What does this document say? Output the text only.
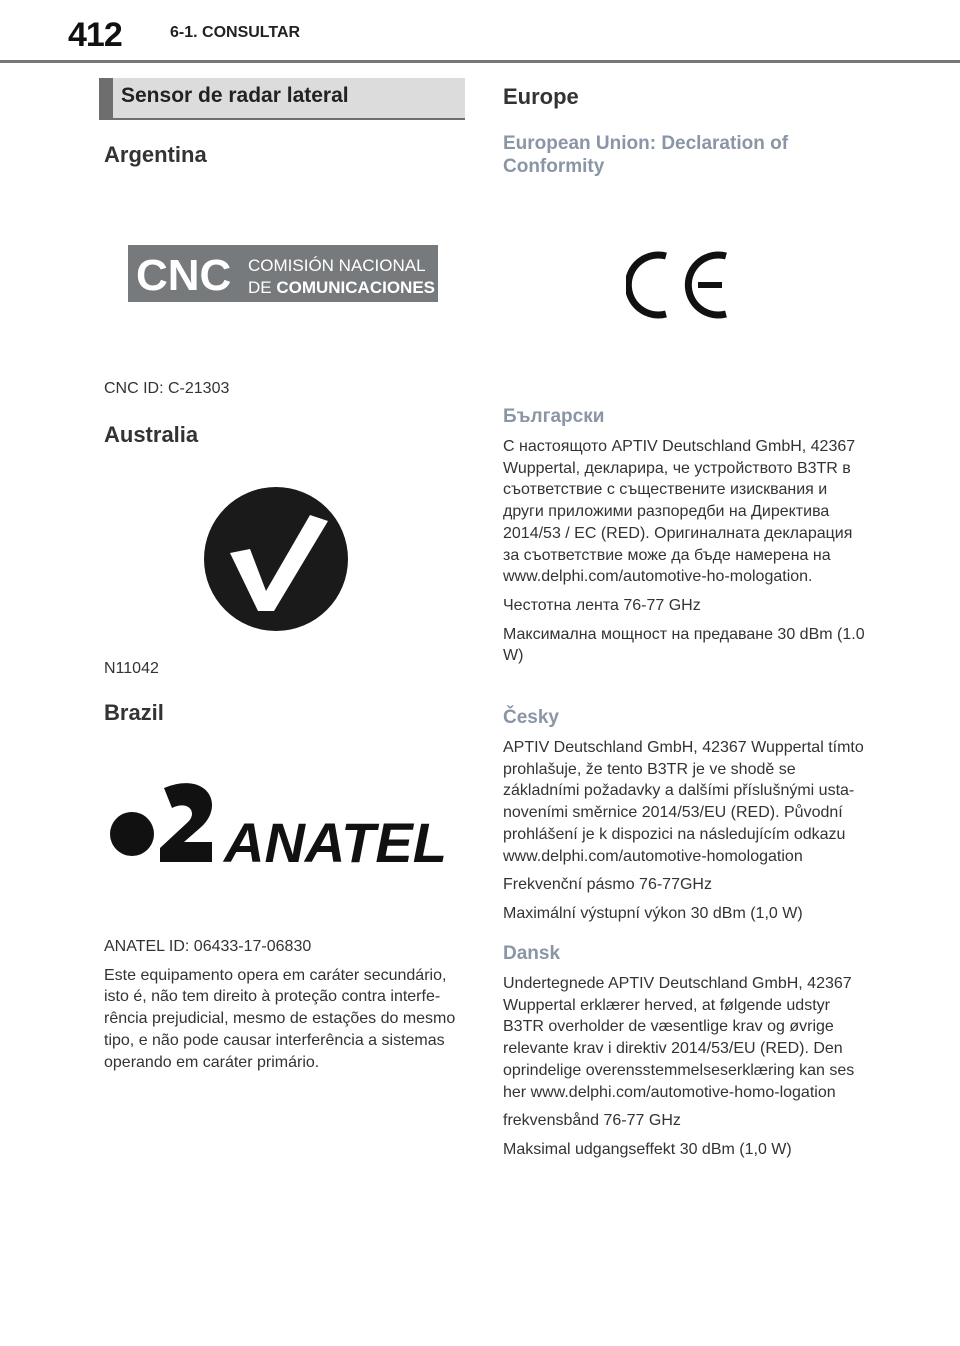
412	6-1. CONSULTAR
Sensor de radar lateral
Argentina
CNC COMISIÓN NACIONAL
DE COMUNICACIONES
CNC ID: C-21303
Australia
N11042
Brazil
ANATEL

ANATEL ID: 06433-17-06830

Este equipamento opera em caráter secundário, isto é, não tem direito à proteção contra interfe-rência prejudicial, mesmo de estações do mesmo tipo, e não pode causar interferência a sistemas operando em caráter primário.

Europe
European Union: Declaration of Conformity
Български

С настоящото APTIV Deutschland GmbH, 42367 Wuppertal, декларира, че устройството B3TR в съответствие с съществените изисквания и други приложими разпоредби на Директива 2014/53 / EC (RED). Оригиналната декларация за съответствие може да бъде намерена на www.delphi.com/automotive-ho-mologation.

Честотна лента 76-77 GHz

Максимална мощност на предаване 30 dBm (1.0 W)

Česky

APTIV Deutschland GmbH, 42367 Wuppertal tímto prohlašuje, že tento B3TR je ve shodě se základními požadavky a dalšími příslušnými usta-noveními směrnice 2014/53/EU (RED). Původní prohlášení je k dispozici na následujícím odkazu www.delphi.com/automotive-homologation

Frekvenční pásmo 76-77GHz

Maximální výstupní výkon 30 dBm (1,0 W)

Dansk

Undertegnede APTIV Deutschland GmbH, 42367 Wuppertal erklærer herved, at følgende udstyr B3TR overholder de væsentlige krav og øvrige relevante krav i direktiv 2014/53/EU (RED). Den oprindelige overensstemmelseserklæring kan ses her www.delphi.com/automotive-homo-logation

frekvensbånd 76-77 GHz

Maksimal udgangseffekt 30 dBm (1,0 W)
